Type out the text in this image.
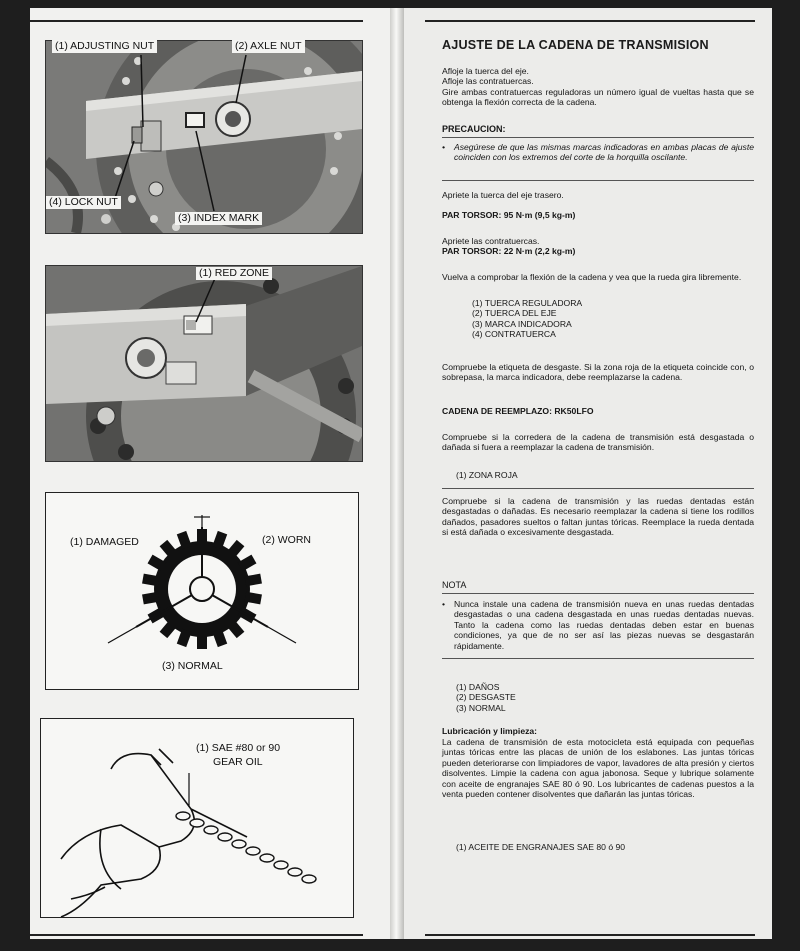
(1) ADJUSTING NUT	(2) AXLE NUT
(4) LOCK NUT
(3) INDEX MARK
(1) RED ZONE
(1) DAMAGED	(2) WORN
(3) NORMAL
(1) SAE #80 or 90
GEAR OIL
AJUSTE DE LA CADENA DE TRANSMISION

Afloje la tuerca del eje.

Afloje las contratuercas.

Gire ambas contratuercas reguladoras un número igual de vueltas hasta que se obtenga la flexión correcta de la cadena.

PRECAUCION:

• Asegúrese de que las mismas marcas indicadoras en ambas placas de ajuste coinciden con los extremos del corte de la horquilla oscilante.

Apriete la tuerca del eje trasero.
PAR TORSOR: 95 N·m (9,5 kg-m)
Apriete las contratuercas.
PAR TORSOR: 22 N·m (2,2 kg-m)
Vuelva a comprobar la flexión de la cadena y vea que la rueda gira libremente.

(1) TUERCA REGULADORA

(2) TUERCA DEL EJE

(3) MARCA INDICADORA

(4) CONTRATUERCA

Compruebe la etiqueta de desgaste. Si la zona roja de la etiqueta coincide con, o sobrepasa, la marca indicadora, debe reemplazarse la cadena.
CADENA DE REEMPLAZO: RK50LFO
Compruebe si la corredera de la cadena de transmisión está desgastada o dañada si fuera a reemplazar la cadena de transmisión.
(1) ZONA ROJA
Compruebe si la cadena de transmisión y las ruedas dentadas están desgastadas o dañadas. Es necesario reemplazar la cadena si tiene los rodillos dañados, pasadores sueltos o faltan juntas tóricas. Reemplace la rueda dentada si está dañada o excesivamente desgastada.
NOTA

• Nunca instale una cadena de transmisión nueva en unas ruedas dentadas desgastadas o una cadena desgastada en unas ruedas dentadas nuevas. Tanto la cadena como las ruedas dentadas deben estar en buenas condiciones, ya que de no ser así las piezas nuevas se desgastarán rápidamente.

(1) DAÑOS

(2) DESGASTE

(3) NORMAL

Lubricación y limpieza:
La cadena de transmisión de esta motocicleta está equipada con pequeñas juntas tóricas entre las placas de unión de los eslabones. Las juntas tóricas pueden deteriorarse con limpiadores de vapor, lavadores de alta presión y ciertos disolventes. Limpie la cadena con agua jabonosa. Seque y lubrique solamente con aceite de engranajes SAE 80 ó 90. Los lubricantes de cadenas puestos a la venta pueden contener disolventes que dañarán las juntas tóricas.
(1) ACEITE DE ENGRANAJES SAE 80 ó 90
